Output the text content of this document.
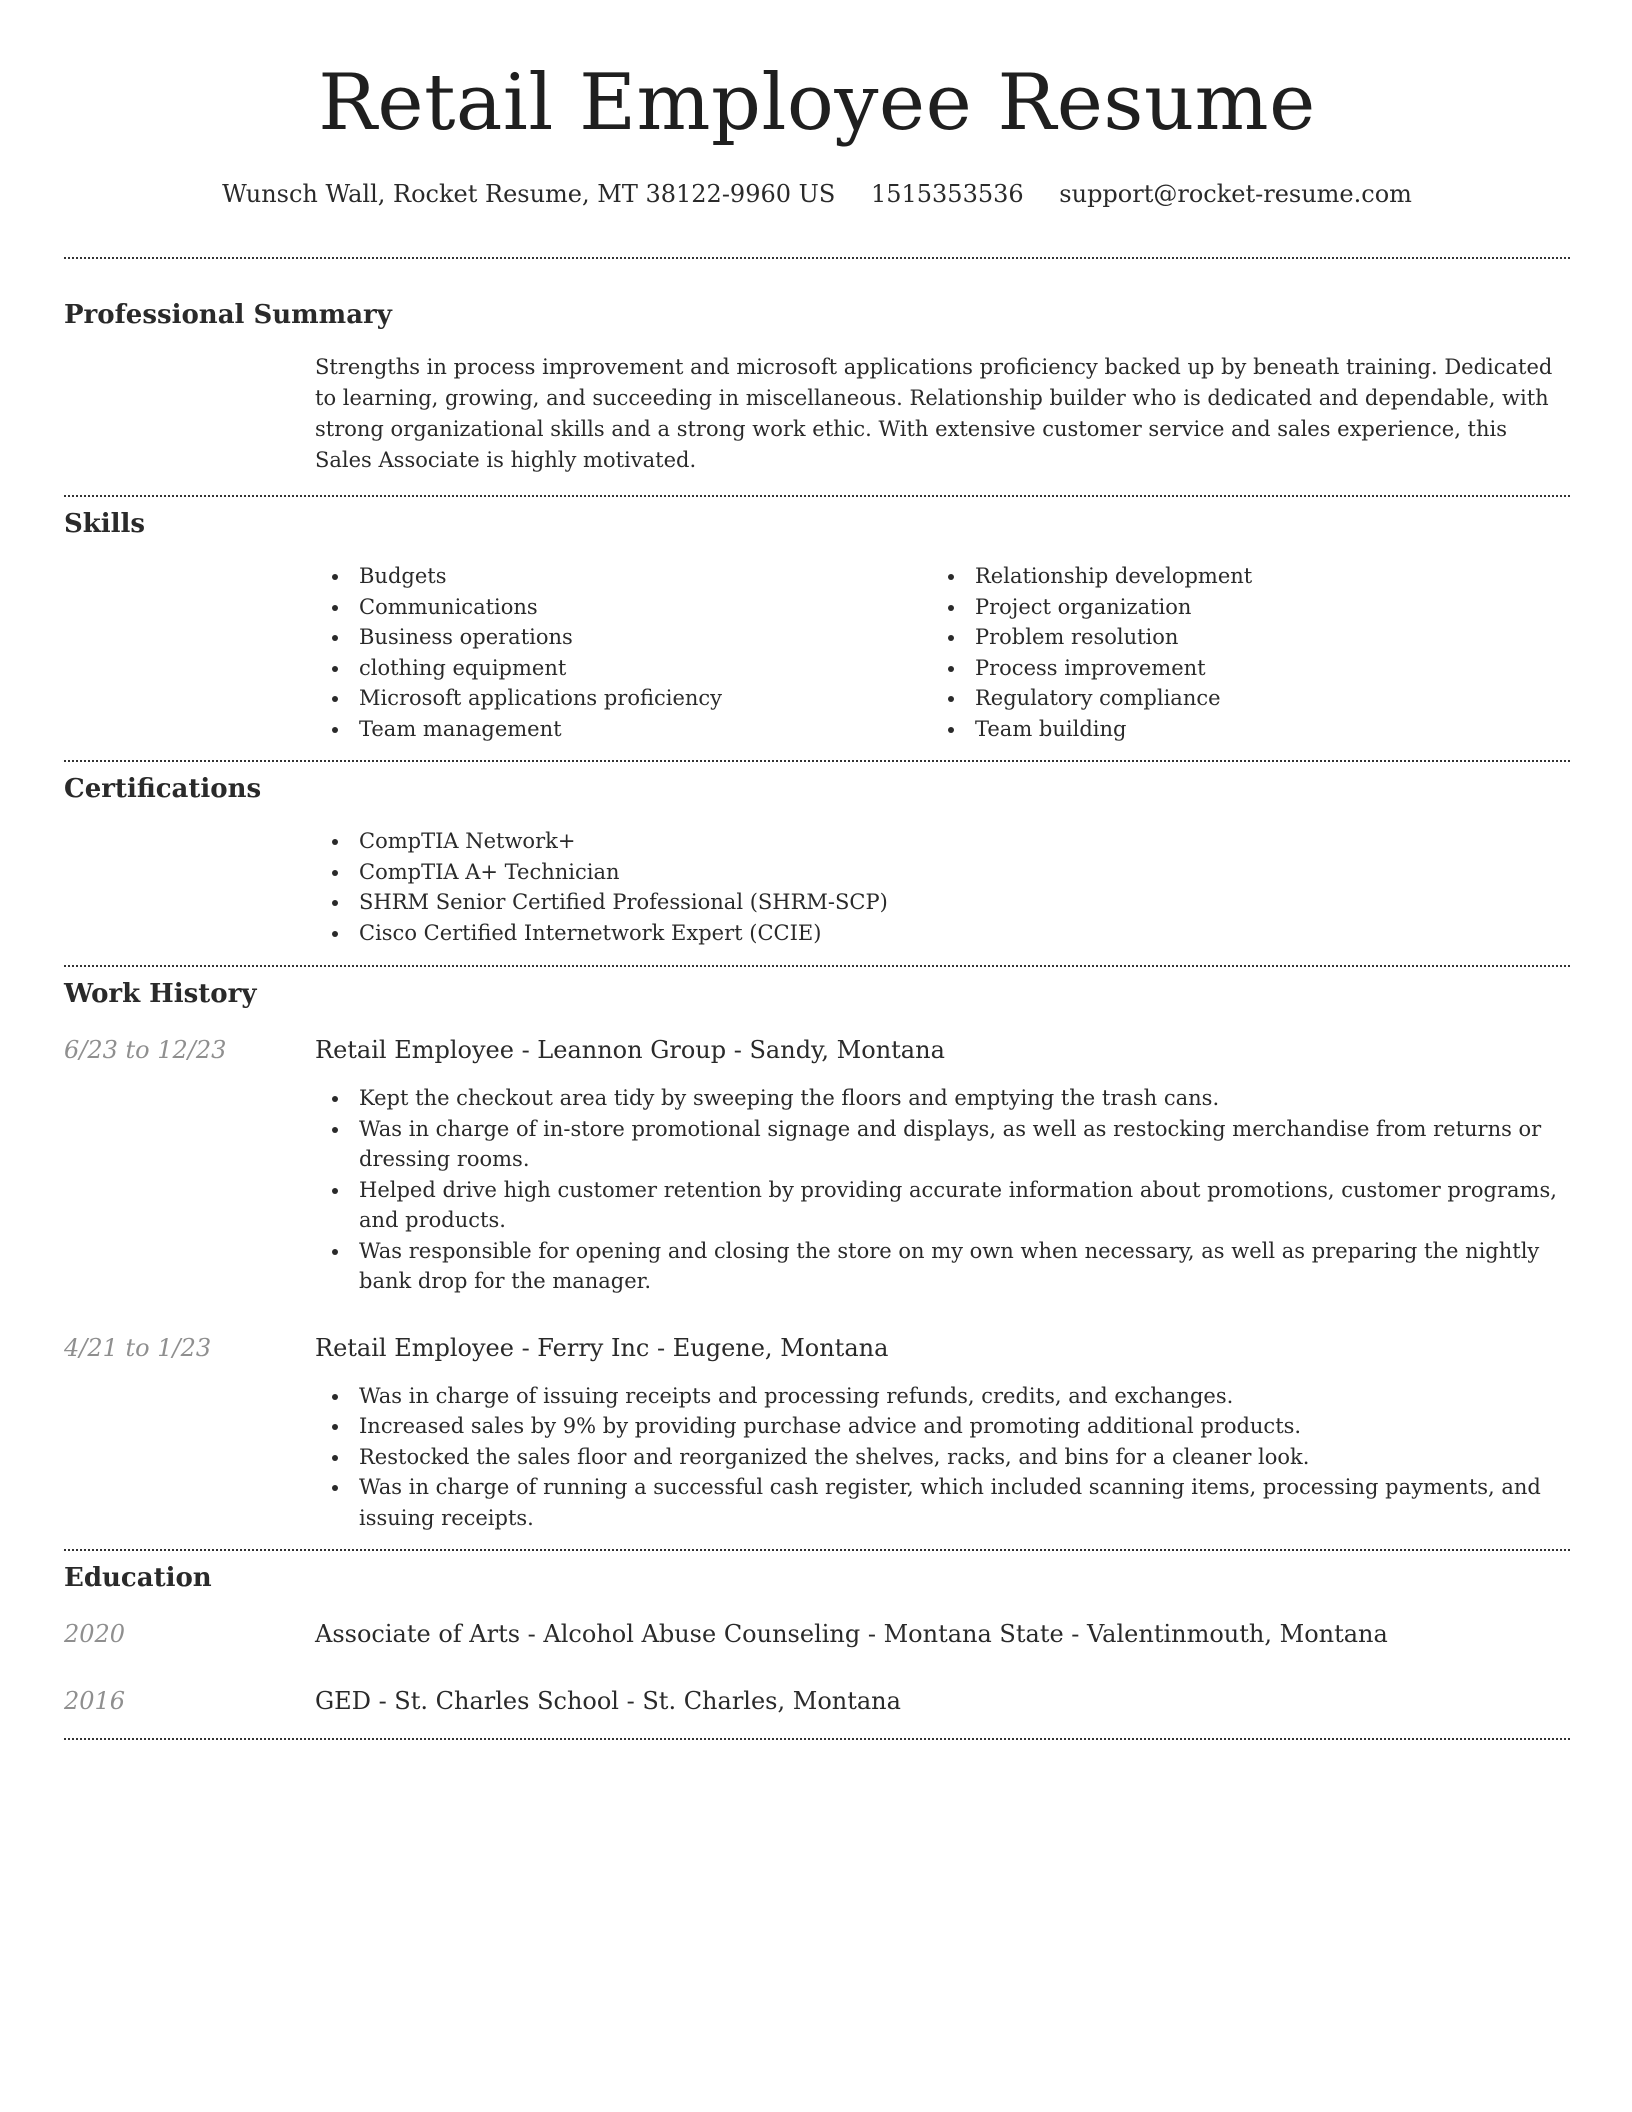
Retail Employee Resume
Wunsch Wall, Rocket Resume, MT 38122-9960 US 1515353536 support@rocket-resume.com
Professional Summary

Strengths in process improvement and microsoft applications proficiency backed up by beneath training. Dedicated to learning, growing, and succeeding in miscellaneous. Relationship builder who is dedicated and dependable, with strong organizational skills and a strong work ethic. With extensive customer service and sales experience, this Sales Associate is highly motivated.

Skills
Budgets
Communications
Business operations
clothing equipment
Microsoft applications proficiency
Team management
Relationship development
Project organization
Problem resolution
Process improvement
Regulatory compliance
Team building
Certifications
CompTIA Network+
CompTIA A+ Technician
SHRM Senior Certified Professional (SHRM-SCP)
Cisco Certified Internetwork Expert (CCIE)
Work History
6/23 to 12/23	Retail Employee - Leannon Group - Sandy, Montana
Kept the checkout area tidy by sweeping the floors and emptying the trash cans.
Was in charge of in-store promotional signage and displays, as well as restocking merchandise from returns or dressing rooms.
Helped drive high customer retention by providing accurate information about promotions, customer programs, and products.
Was responsible for opening and closing the store on my own when necessary, as well as preparing the nightly bank drop for the manager.
4/21 to 1/23	Retail Employee - Ferry Inc - Eugene, Montana
Was in charge of issuing receipts and processing refunds, credits, and exchanges.
Increased sales by 9% by providing purchase advice and promoting additional products.
Restocked the sales floor and reorganized the shelves, racks, and bins for a cleaner look.
Was in charge of running a successful cash register, which included scanning items, processing payments, and issuing receipts.
Education
2020	Associate of Arts - Alcohol Abuse Counseling - Montana State - Valentinmouth, Montana
2016	GED - St. Charles School - St. Charles, Montana
